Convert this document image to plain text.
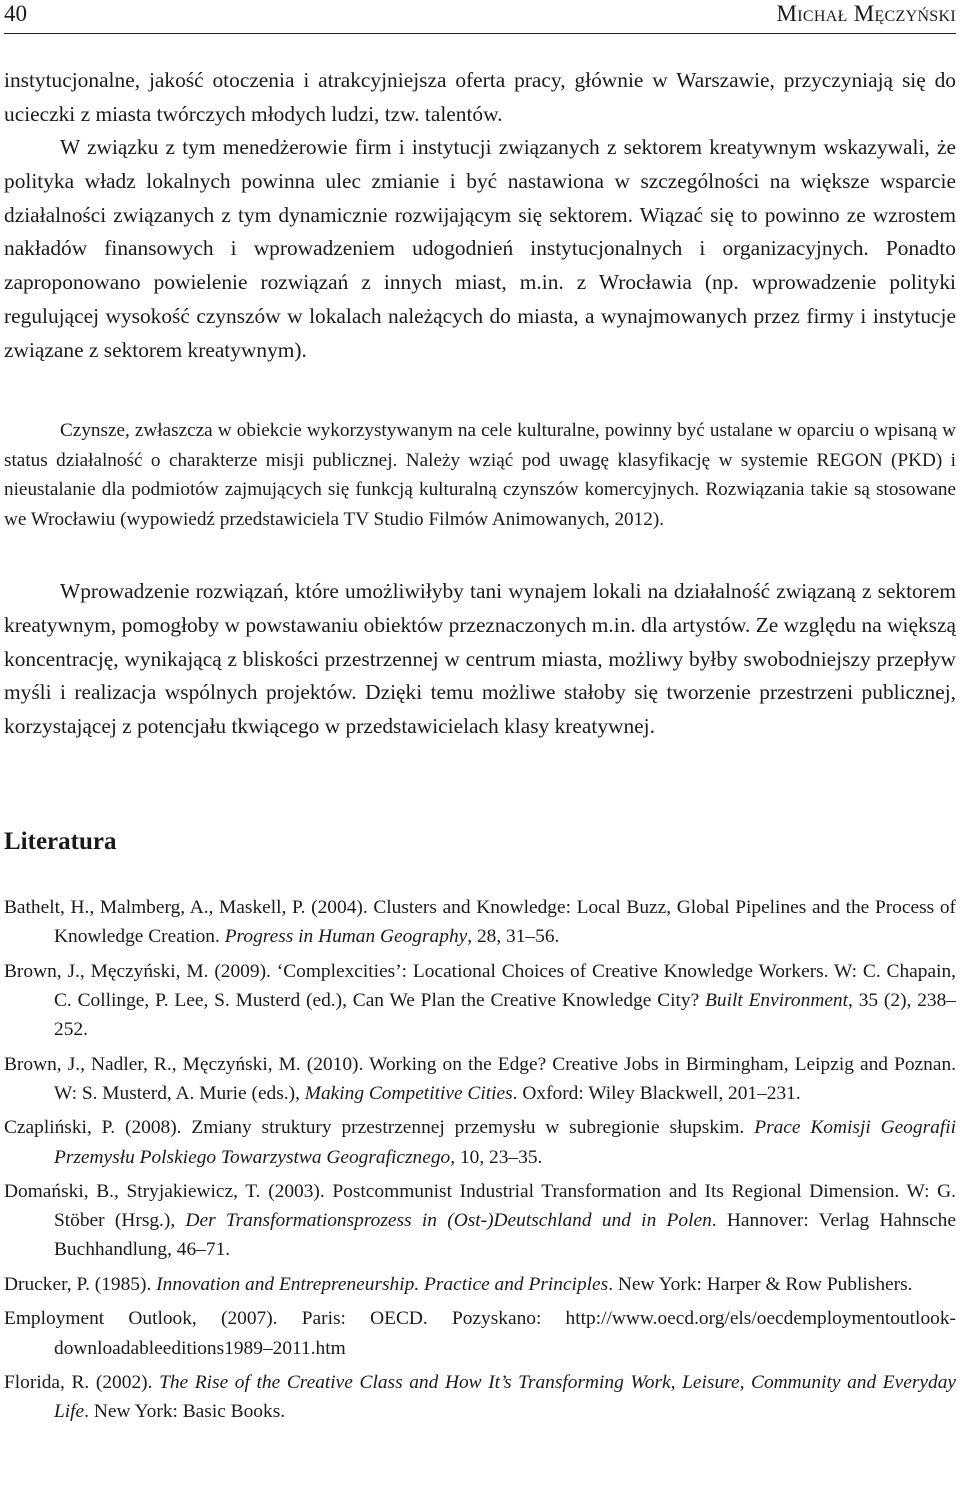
40	Michał Męczyński

instytucjonalne, jakość otoczenia i atrakcyjniejsza oferta pracy, głównie w Warszawie, przyczyniają się do ucieczki z miasta twórczych młodych ludzi, tzw. talentów.

W związku z tym menedżerowie firm i instytucji związanych z sektorem kreatywnym wskazywali, że polityka władz lokalnych powinna ulec zmianie i być nastawiona w szczególności na większe wsparcie działalności związanych z tym dynamicznie rozwijającym się sektorem. Wiązać się to powinno ze wzrostem nakładów finansowych i wprowadzeniem udogodnień instytucjonalnych i organizacyjnych. Ponadto zaproponowano powielenie rozwiązań z innych miast, m.in. z Wrocławia (np. wprowadzenie polityki regulującej wysokość czynszów w lokalach należących do miasta, a wynajmowanych przez firmy i instytucje związane z sektorem kreatywnym).

Czynsze, zwłaszcza w obiekcie wykorzystywanym na cele kulturalne, powinny być ustalane w oparciu o wpisaną w status działalność o charakterze misji publicznej. Należy wziąć pod uwagę klasyfikację w systemie REGON (PKD) i nieustalanie dla podmiotów zajmujących się funkcją kulturalną czynszów komercyjnych. Rozwiązania takie są stosowane we Wrocławiu (wypowiedź przedstawiciela TV Studio Filmów Animowanych, 2012).

Wprowadzenie rozwiązań, które umożliwiłyby tani wynajem lokali na działalność związaną z sektorem kreatywnym, pomogłoby w powstawaniu obiektów przeznaczonych m.in. dla artystów. Ze względu na większą koncentrację, wynikającą z bliskości przestrzennej w centrum miasta, możliwy byłby swobodniejszy przepływ myśli i realizacja wspólnych projektów. Dzięki temu możliwe stałoby się tworzenie przestrzeni publicznej, korzystającej z potencjału tkwiącego w przedstawicielach klasy kreatywnej.

Literatura

Bathelt, H., Malmberg, A., Maskell, P. (2004). Clusters and Knowledge: Local Buzz, Global Pipelines and the Process of Knowledge Creation. Progress in Human Geography, 28, 31–56.

Brown, J., Męczyński, M. (2009). ‘Complexcities’: Locational Choices of Creative Knowledge Workers. W: C. Chapain, C. Collinge, P. Lee, S. Musterd (ed.), Can We Plan the Creative Knowledge City? Built Environment, 35 (2), 238–252.

Brown, J., Nadler, R., Męczyński, M. (2010). Working on the Edge? Creative Jobs in Birmingham, Leipzig and Poznan. W: S. Musterd, A. Murie (eds.), Making Competitive Cities. Oxford: Wiley Blackwell, 201–231.

Czapliński, P. (2008). Zmiany struktury przestrzennej przemysłu w subregionie słupskim. Prace Komisji Geografii Przemysłu Polskiego Towarzystwa Geograficznego, 10, 23–35.

Domański, B., Stryjakiewicz, T. (2003). Postcommunist Industrial Transformation and Its Regional Dimension. W: G. Stöber (Hrsg.), Der Transformationsprozess in (Ost-)Deutschland und in Polen. Hannover: Verlag Hahnsche Buchhandlung, 46–71.

Drucker, P. (1985). Innovation and Entrepreneurship. Practice and Principles. New York: Harper & Row Publishers.

Employment Outlook, (2007). Paris: OECD. Pozyskano: http://www.oecd.org/els/oecdemploymentoutlook-downloadableeditions1989–2011.htm

Florida, R. (2002). The Rise of the Creative Class and How It’s Transforming Work, Leisure, Community and Everyday Life. New York: Basic Books.
